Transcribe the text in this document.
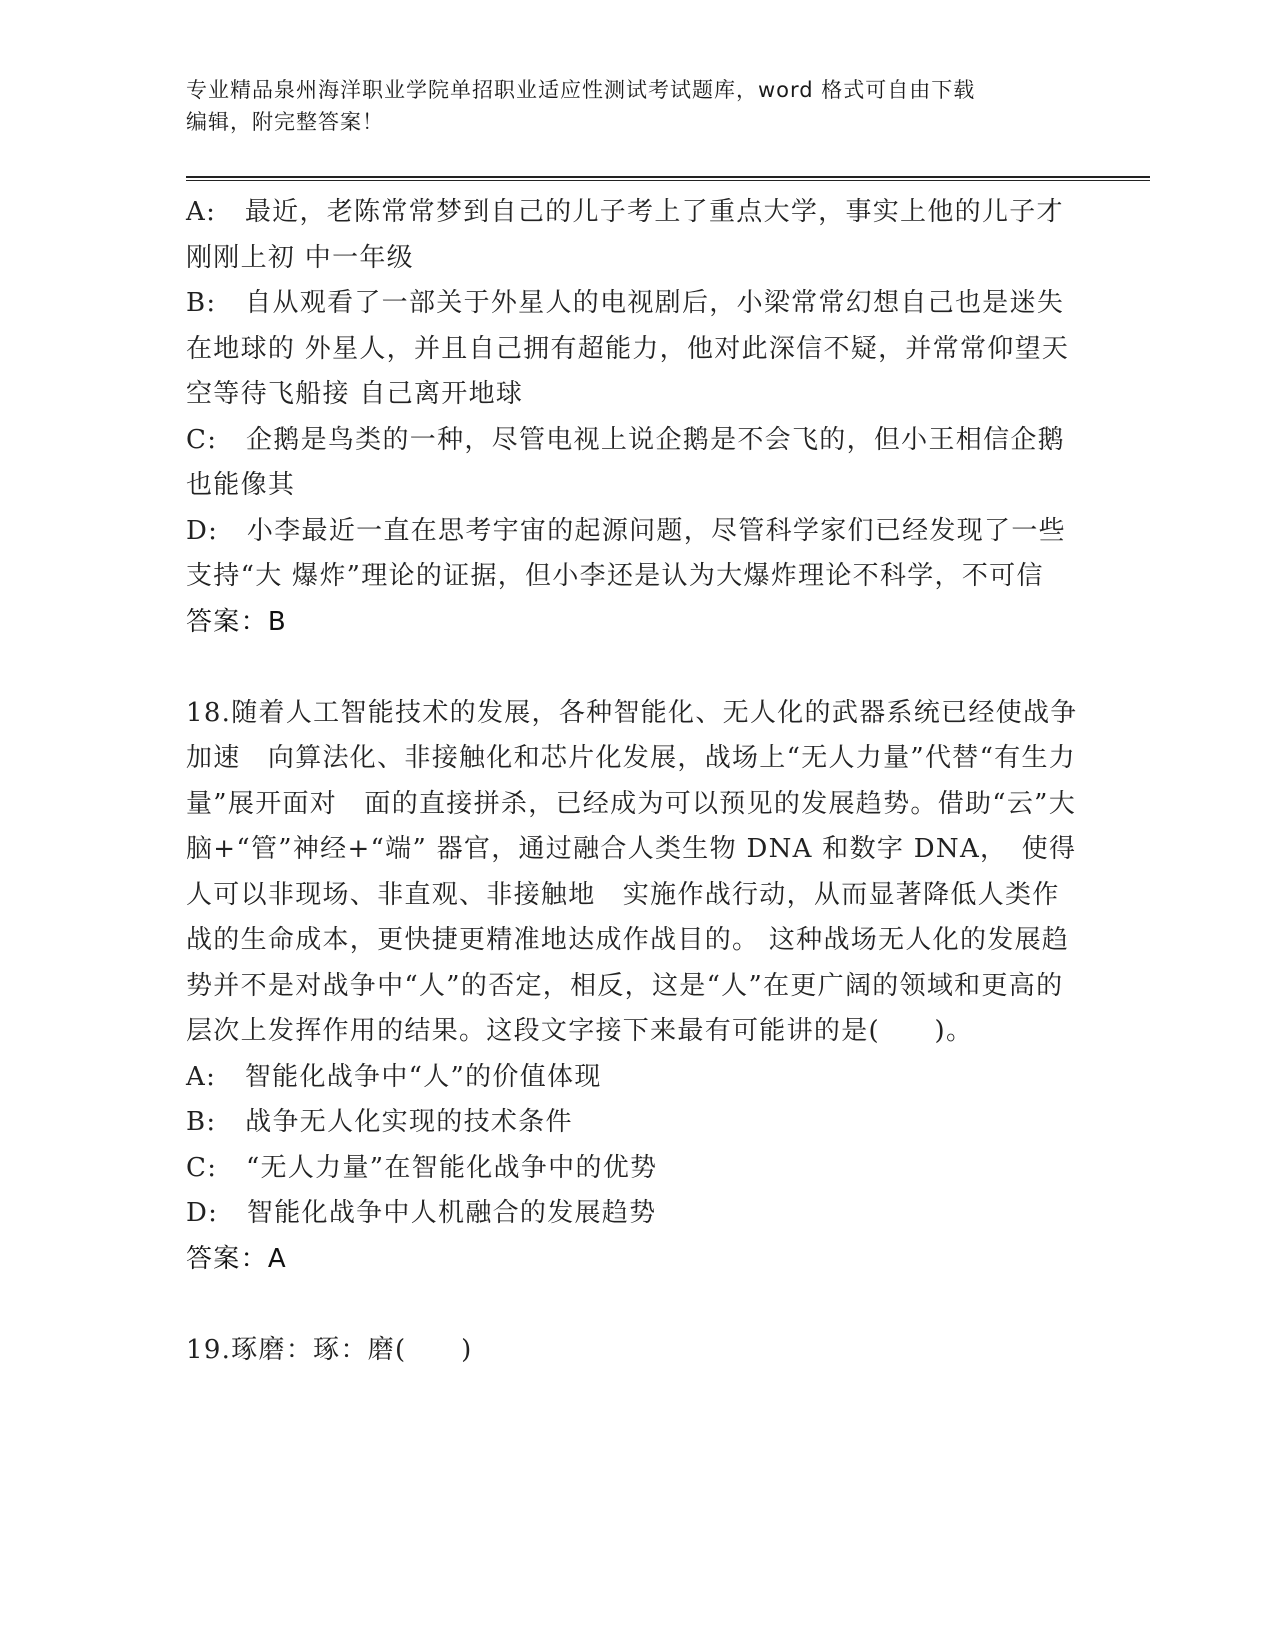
专业精品泉州海洋职业学院单招职业适应性测试考试题库，word 格式可自由下载
编辑，附完整答案！

A: 最近，老陈常常梦到自己的儿子考上了重点大学，事实上他的儿子才刚刚上初 中一年级

B: 自从观看了一部关于外星人的电视剧后，小梁常常幻想自己也是迷失在地球的 外星人，并且自己拥有超能力，他对此深信不疑，并常常仰望天空等待飞船接 自己离开地球

C: 企鹅是鸟类的一种，尽管电视上说企鹅是不会飞的，但小王相信企鹅也能像其

D: 小李最近一直在思考宇宙的起源问题，尽管科学家们已经发现了一些支持“大 爆炸”理论的证据，但小李还是认为大爆炸理论不科学，不可信

答案：B

18.随着人工智能技术的发展，各种智能化、无人化的武器系统已经使战争加速　向算法化、非接触化和芯片化发展，战场上“无人力量”代替“有生力量”展开面对　面的直接拼杀，已经成为可以预见的发展趋势。借助“云”大脑+“管”神经+“端” 器官，通过融合人类生物 DNA 和数字 DNA，　使得人可以非现场、非直观、非接触地　实施作战行动，从而显著降低人类作战的生命成本，更快捷更精准地达成作战目的。 这种战场无人化的发展趋势并不是对战争中“人”的否定，相反，这是“人”在更广阔的领域和更高的层次上发挥作用的结果。这段文字接下来最有可能讲的是(　　)。

A: 智能化战争中“人”的价值体现

B: 战争无人化实现的技术条件

C: “无人力量”在智能化战争中的优势

D: 智能化战争中人机融合的发展趋势

答案：A

19.琢磨：琢：磨(　　)
